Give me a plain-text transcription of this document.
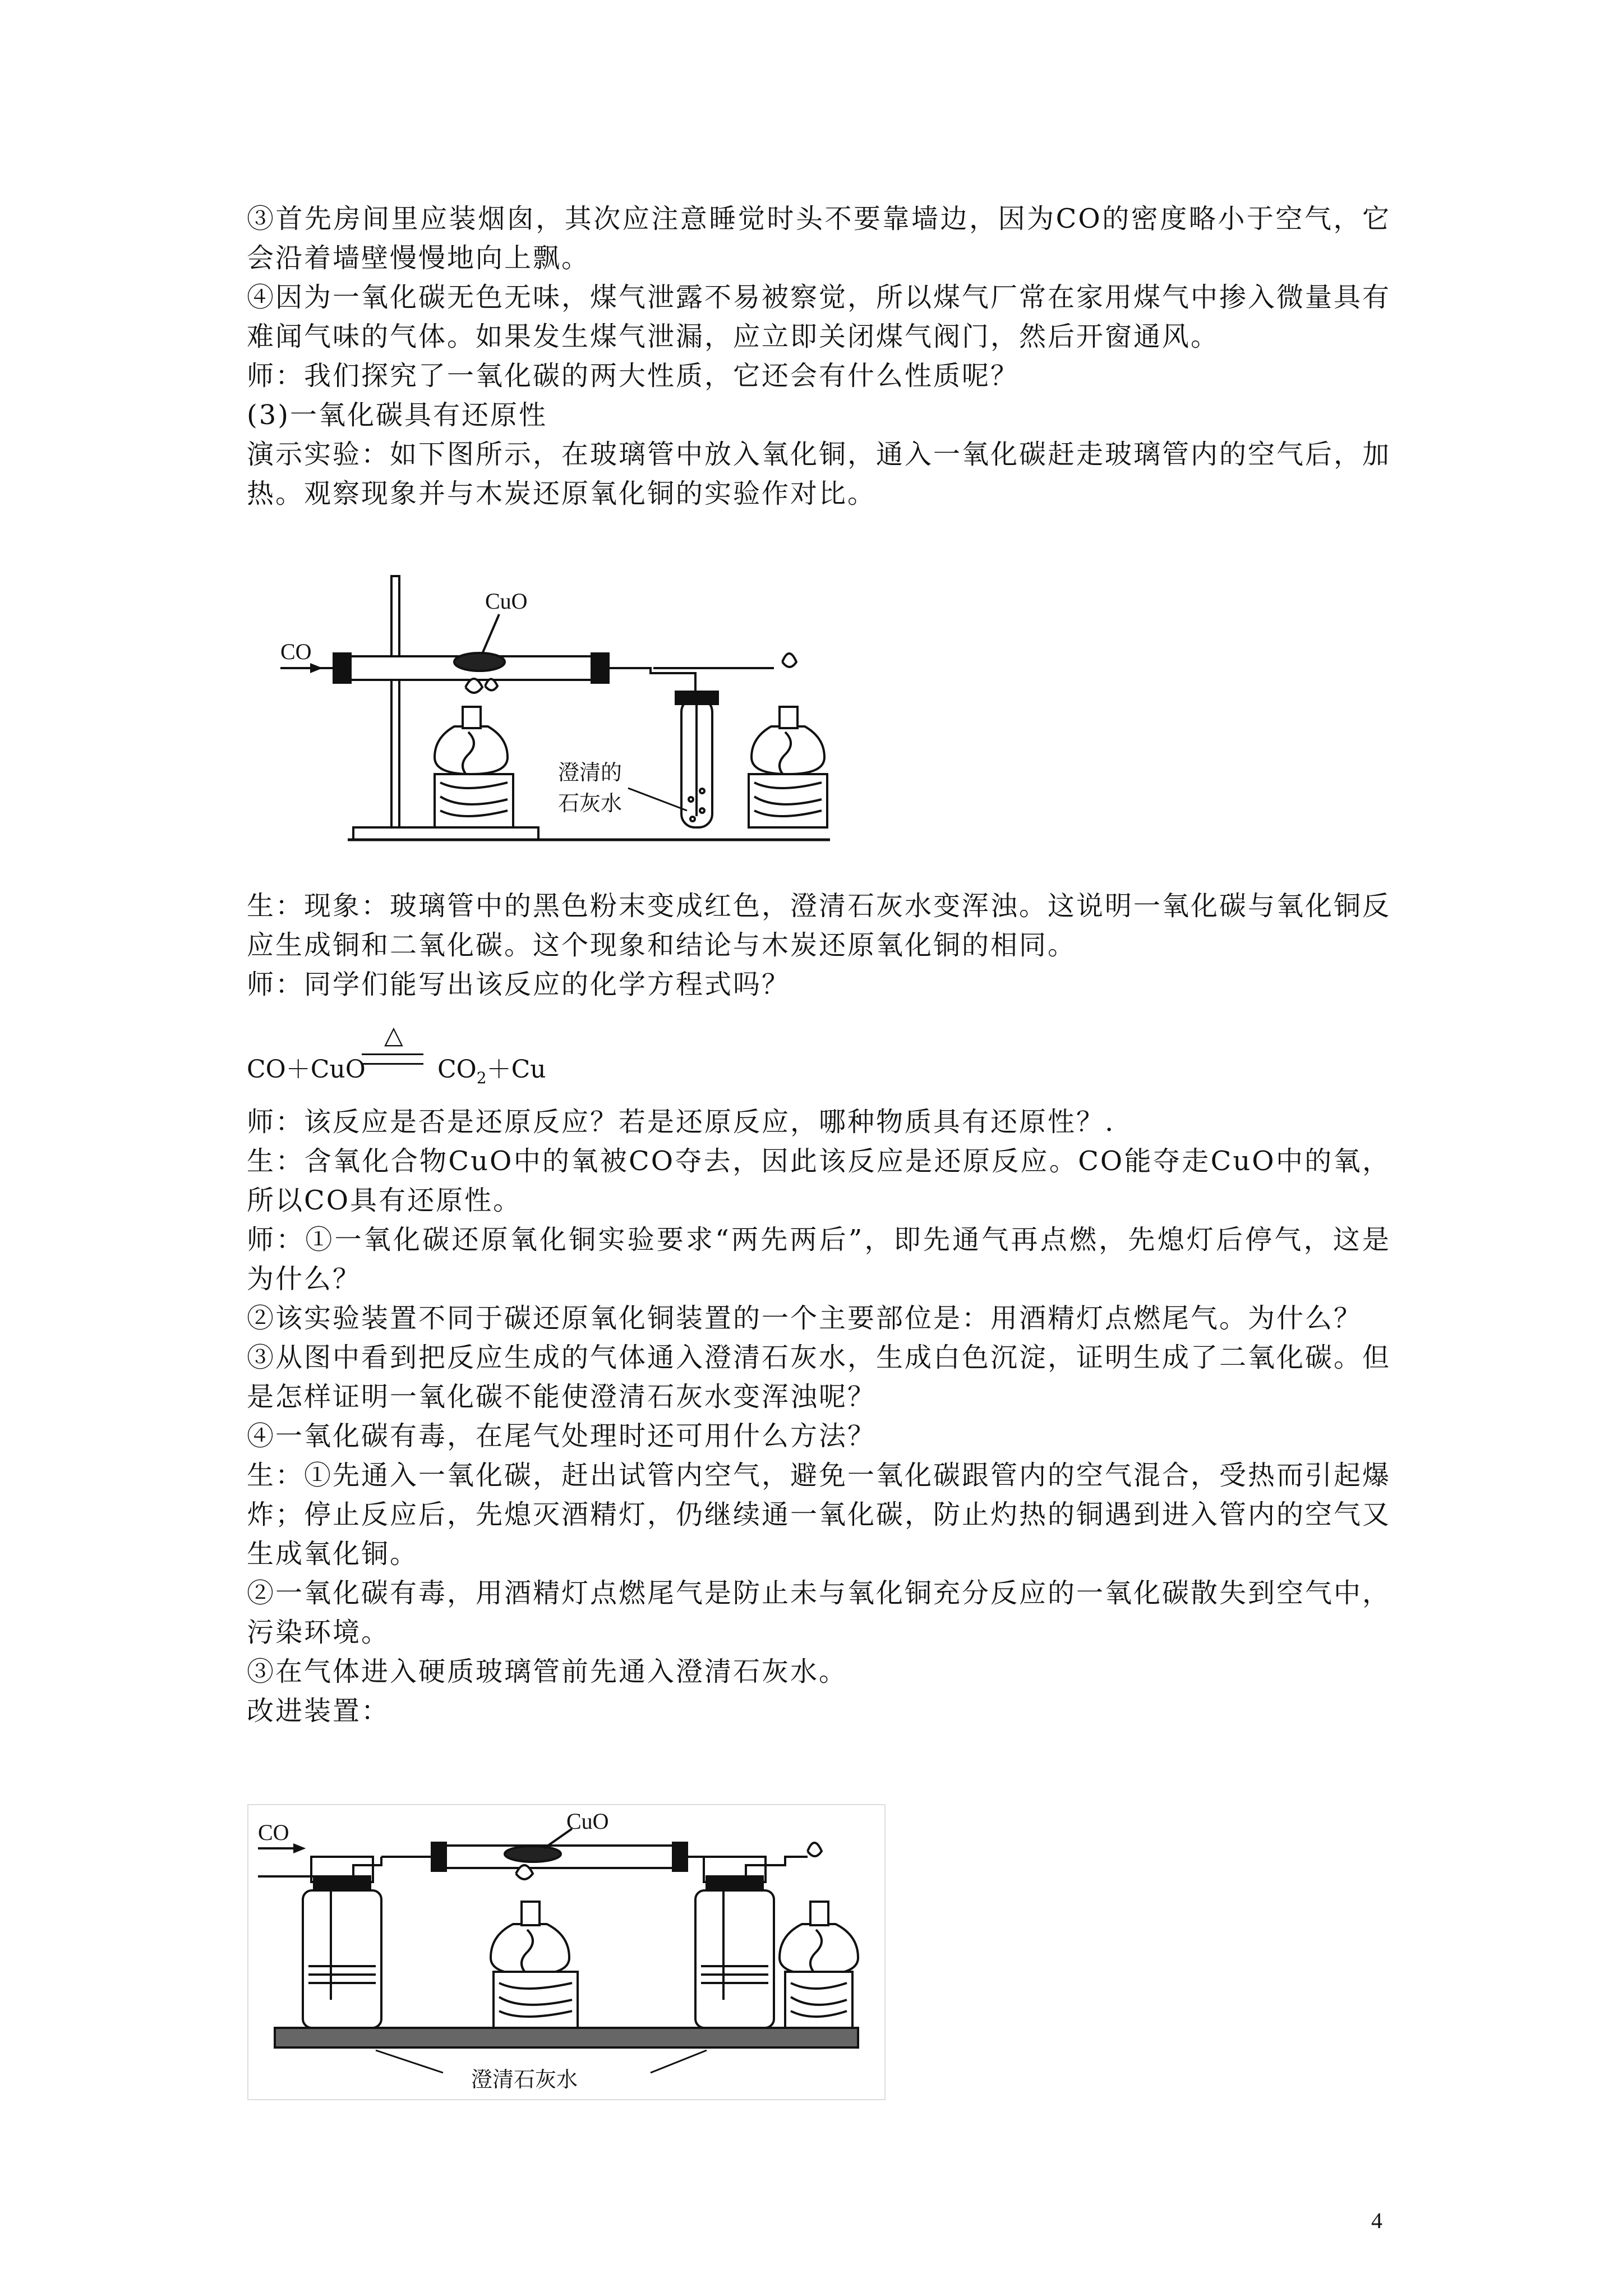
③首先房间里应装烟囱，其次应注意睡觉时头不要靠墙边，因为CO的密度略小于空气，它会沿着墙壁慢慢地向上飘。

④因为一氧化碳无色无味，煤气泄露不易被察觉，所以煤气厂常在家用煤气中掺入微量具有难闻气味的气体。如果发生煤气泄漏，应立即关闭煤气阀门，然后开窗通风。

师：我们探究了一氧化碳的两大性质，它还会有什么性质呢？

(3)一氧化碳具有还原性

演示实验：如下图所示，在玻璃管中放入氧化铜，通入一氧化碳赶走玻璃管内的空气后，加热。观察现象并与木炭还原氧化铜的实验作对比。

CO
CuO
澄清的
石灰水

生：现象：玻璃管中的黑色粉末变成红色，澄清石灰水变浑浊。这说明一氧化碳与氧化铜反应生成铜和二氧化碳。这个现象和结论与木炭还原氧化铜的相同。

师：同学们能写出该反应的化学方程式吗？

CO＋CuO
△
$CO_2+Cu$

师：该反应是否是还原反应？若是还原反应，哪种物质具有还原性？.

生：含氧化合物CuO中的氧被CO夺去，因此该反应是还原反应。CO能夺走CuO中的氧，所以CO具有还原性。

师：①一氧化碳还原氧化铜实验要求“两先两后”，即先通气再点燃，先熄灯后停气，这是为什么？

②该实验装置不同于碳还原氧化铜装置的一个主要部位是：用酒精灯点燃尾气。为什么？

③从图中看到把反应生成的气体通入澄清石灰水，生成白色沉淀，证明生成了二氧化碳。但是怎样证明一氧化碳不能使澄清石灰水变浑浊呢？

④一氧化碳有毒，在尾气处理时还可用什么方法？

生：①先通入一氧化碳，赶出试管内空气，避免一氧化碳跟管内的空气混合，受热而引起爆炸；停止反应后，先熄灭酒精灯，仍继续通一氧化碳，防止灼热的铜遇到进入管内的空气又生成氧化铜。

②一氧化碳有毒，用酒精灯点燃尾气是防止未与氧化铜充分反应的一氧化碳散失到空气中，污染环境。

③在气体进入硬质玻璃管前先通入澄清石灰水。

改进装置：

CO	CuO
澄清石灰水
4
